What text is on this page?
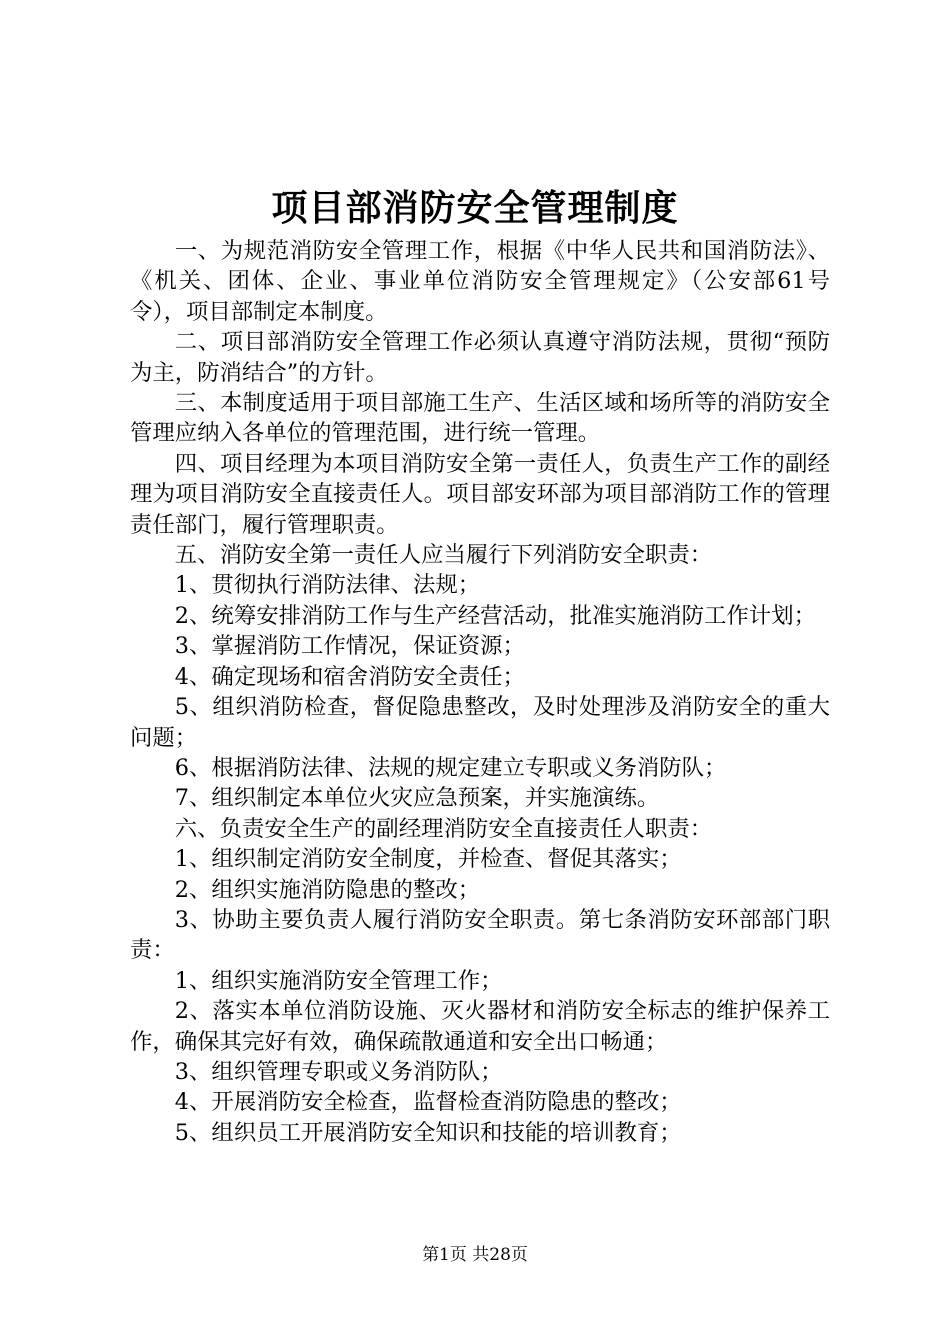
项目部消防安全管理制度

一、为规范消防安全管理工作，根据《中华人民共和国消防法》、《机关、团体、企业、事业单位消防安全管理规定》（公安部61号令），项目部制定本制度。

二、项目部消防安全管理工作必须认真遵守消防法规，贯彻“预防为主，防消结合”的方针。

三、本制度适用于项目部施工生产、生活区域和场所等的消防安全管理应纳入各单位的管理范围，进行统一管理。

四、项目经理为本项目消防安全第一责任人，负责生产工作的副经理为项目消防安全直接责任人。项目部安环部为项目部消防工作的管理责任部门，履行管理职责。

五、消防安全第一责任人应当履行下列消防安全职责：

1、贯彻执行消防法律、法规；

2、统筹安排消防工作与生产经营活动，批准实施消防工作计划；

3、掌握消防工作情况，保证资源；

4、确定现场和宿舍消防安全责任；

5、组织消防检查，督促隐患整改，及时处理涉及消防安全的重大问题；

6、根据消防法律、法规的规定建立专职或义务消防队；

7、组织制定本单位火灾应急预案，并实施演练。

六、负责安全生产的副经理消防安全直接责任人职责：

1、组织制定消防安全制度，并检查、督促其落实；

2、组织实施消防隐患的整改；

3、协助主要负责人履行消防安全职责。第七条消防安环部部门职责：

1、组织实施消防安全管理工作；

2、落实本单位消防设施、灭火器材和消防安全标志的维护保养工作，确保其完好有效，确保疏散通道和安全出口畅通；

3、组织管理专职或义务消防队；

4、开展消防安全检查，监督检查消防隐患的整改；

5、组织员工开展消防安全知识和技能的培训教育；

第1页 共28页
